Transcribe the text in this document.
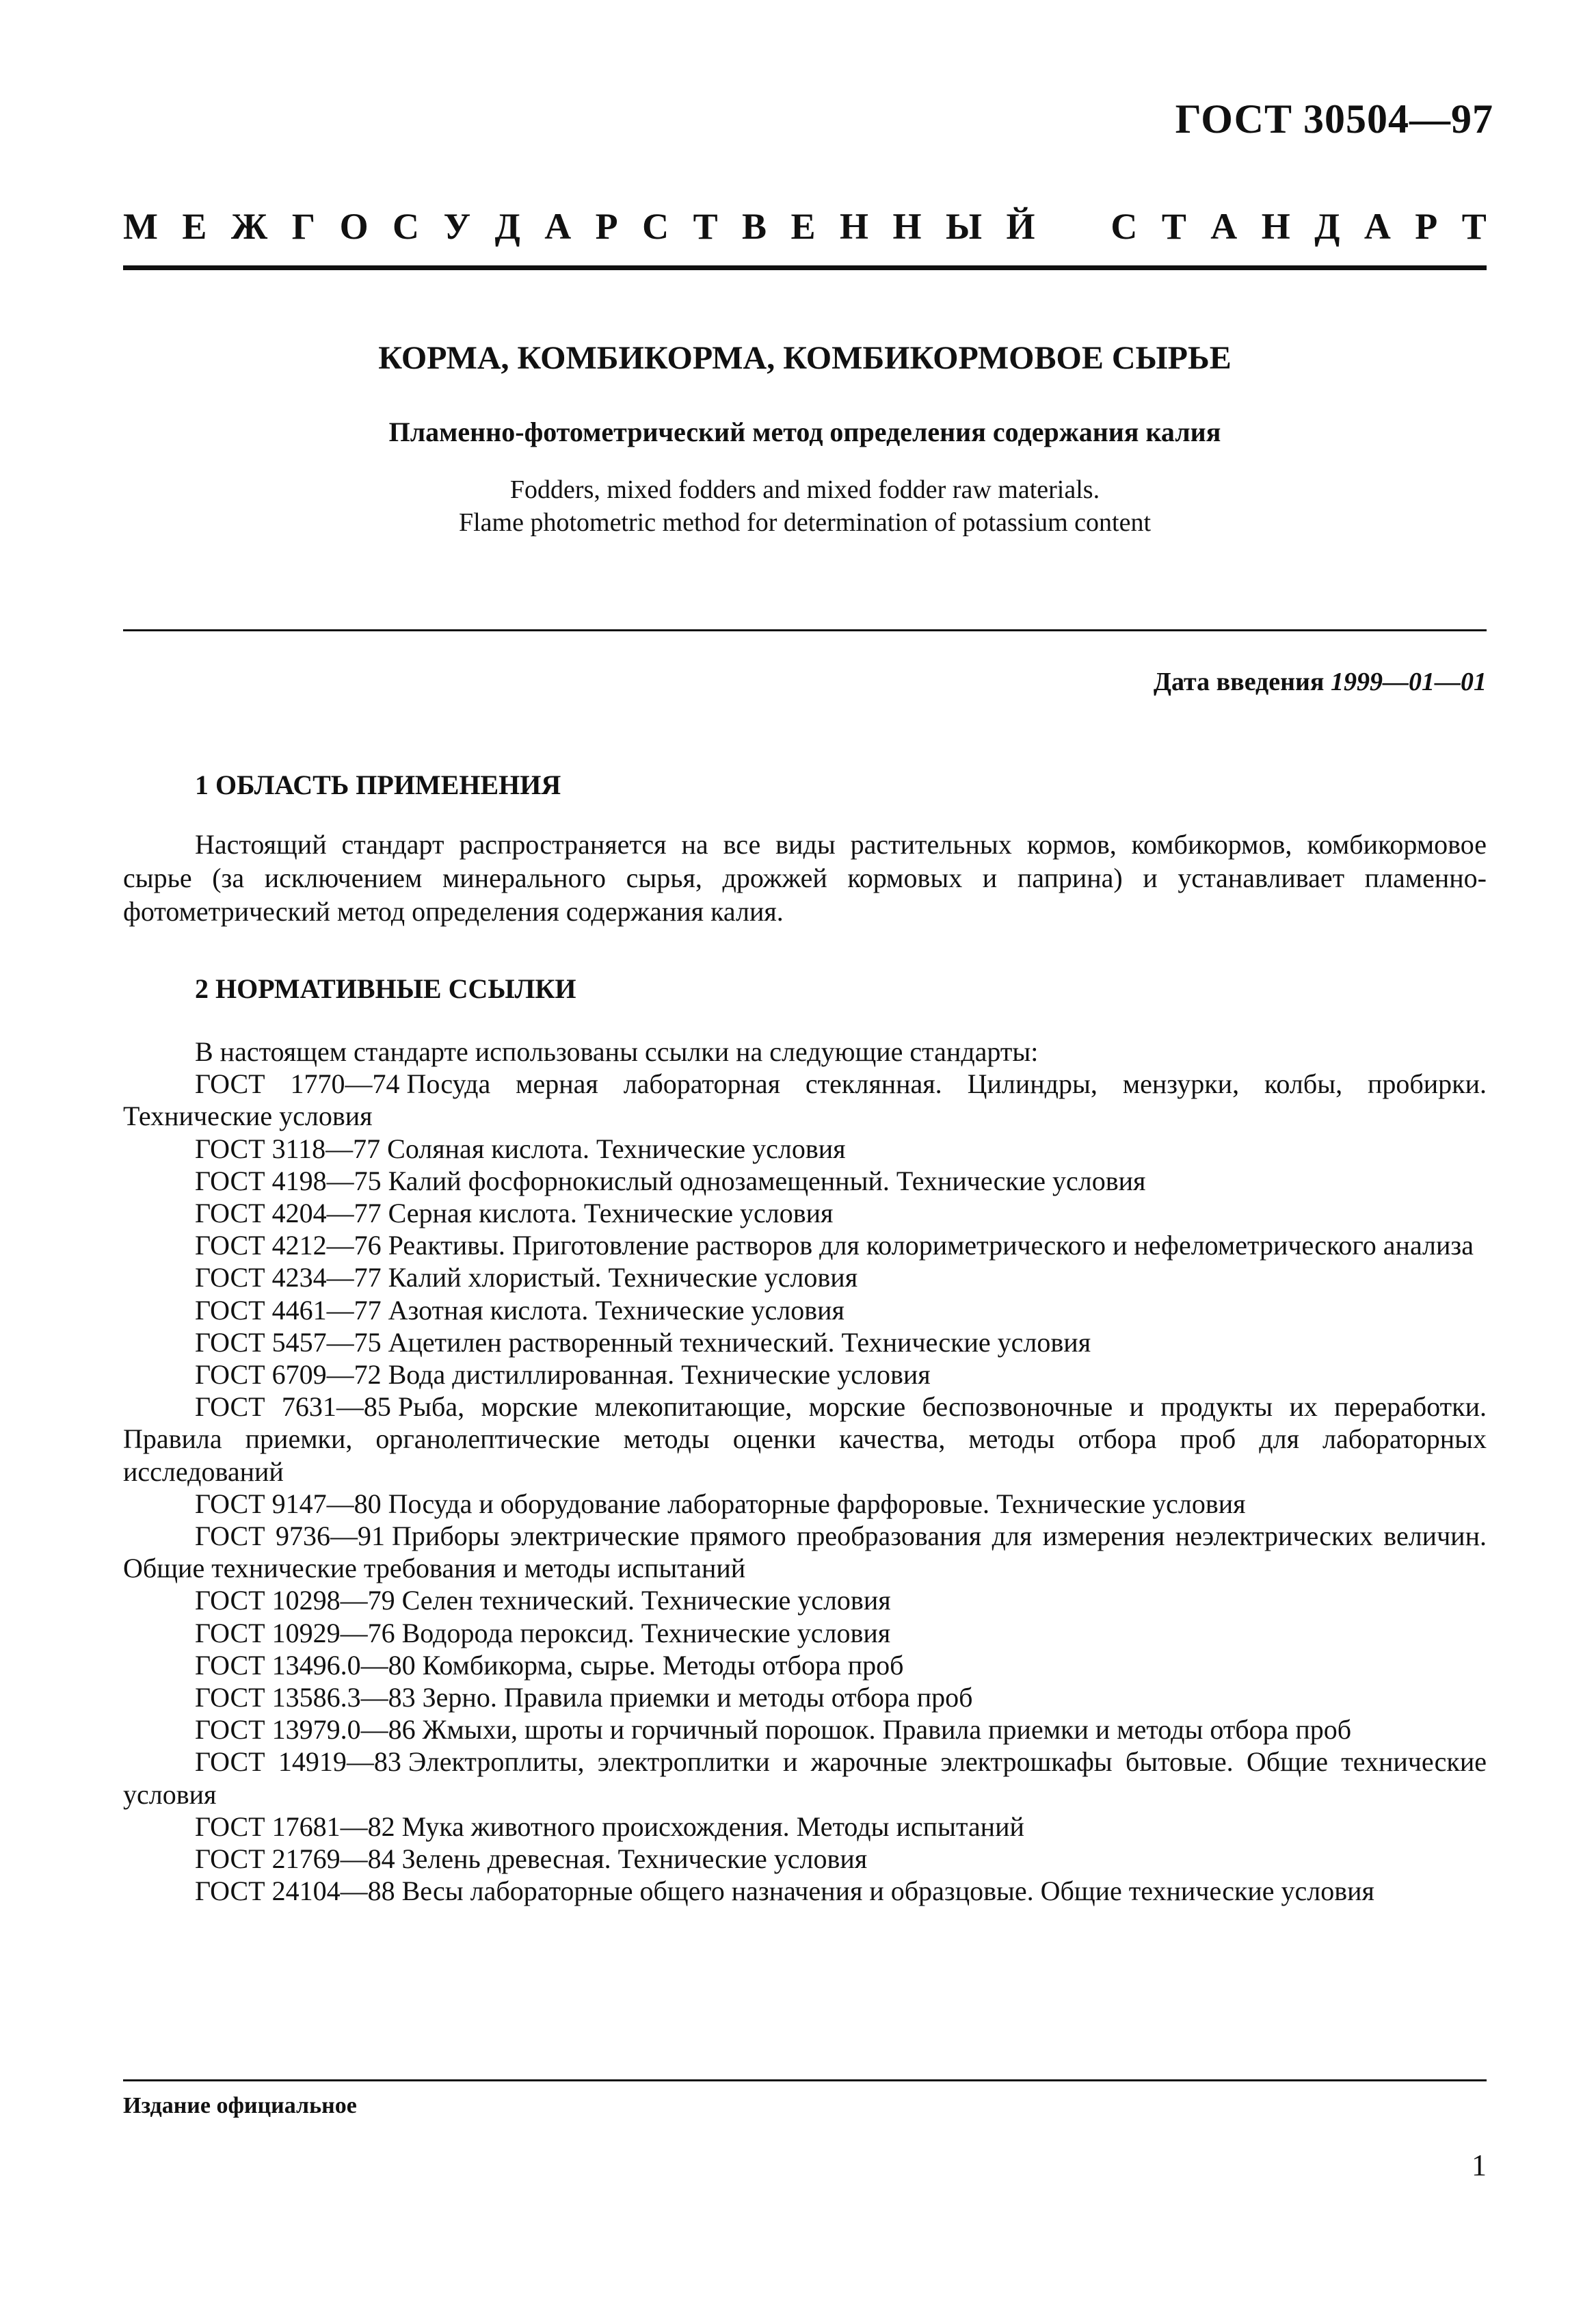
ГОСТ 30504—97
М Е Ж Г О С У Д А Р С Т В Е Н Н Ы Й С Т А Н Д А Р Т
КОРМА, КОМБИКОРМА, КОМБИКОРМОВОЕ СЫРЬЕ
Пламенно-фотометрический метод определения содержания калия
Fodders, mixed fodders and mixed fodder raw materials.
Flame photometric method for determination of potassium content
Дата введения 1999—01—01
1 ОБЛАСТЬ ПРИМЕНЕНИЯ

Настоящий стандарт распространяется на все виды растительных кормов, комбикормов, комбикормовое сырье (за исключением минерального сырья, дрожжей кормовых и паприна) и устанавливает пламенно-фотометрический метод определения содержания калия.

2 НОРМАТИВНЫЕ ССЫЛКИ

В настоящем стандарте использованы ссылки на следующие стандарты:

ГОСТ 1770—74 Посуда мерная лабораторная стеклянная. Цилиндры, мензурки, колбы, пробирки. Технические условия

ГОСТ 3118—77 Соляная кислота. Технические условия

ГОСТ 4198—75 Калий фосфорнокислый однозамещенный. Технические условия

ГОСТ 4204—77 Серная кислота. Технические условия

ГОСТ 4212—76 Реактивы. Приготовление растворов для колориметрического и нефелометрического анализа

ГОСТ 4234—77 Калий хлористый. Технические условия

ГОСТ 4461—77 Азотная кислота. Технические условия

ГОСТ 5457—75 Ацетилен растворенный технический. Технические условия

ГОСТ 6709—72 Вода дистиллированная. Технические условия

ГОСТ 7631—85 Рыба, морские млекопитающие, морские беспозвоночные и продукты их переработки. Правила приемки, органолептические методы оценки качества, методы отбора проб для лабораторных исследований

ГОСТ 9147—80 Посуда и оборудование лабораторные фарфоровые. Технические условия

ГОСТ 9736—91 Приборы электрические прямого преобразования для измерения неэлектрических величин. Общие технические требования и методы испытаний

ГОСТ 10298—79 Селен технический. Технические условия

ГОСТ 10929—76 Водорода пероксид. Технические условия

ГОСТ 13496.0—80 Комбикорма, сырье. Методы отбора проб

ГОСТ 13586.3—83 Зерно. Правила приемки и методы отбора проб

ГОСТ 13979.0—86 Жмыхи, шроты и горчичный порошок. Правила приемки и методы отбора проб

ГОСТ 14919—83 Электроплиты, электроплитки и жарочные электрошкафы бытовые. Общие технические условия

ГОСТ 17681—82 Мука животного происхождения. Методы испытаний

ГОСТ 21769—84 Зелень древесная. Технические условия

ГОСТ 24104—88 Весы лабораторные общего назначения и образцовые. Общие технические условия

Издание официальное
1
